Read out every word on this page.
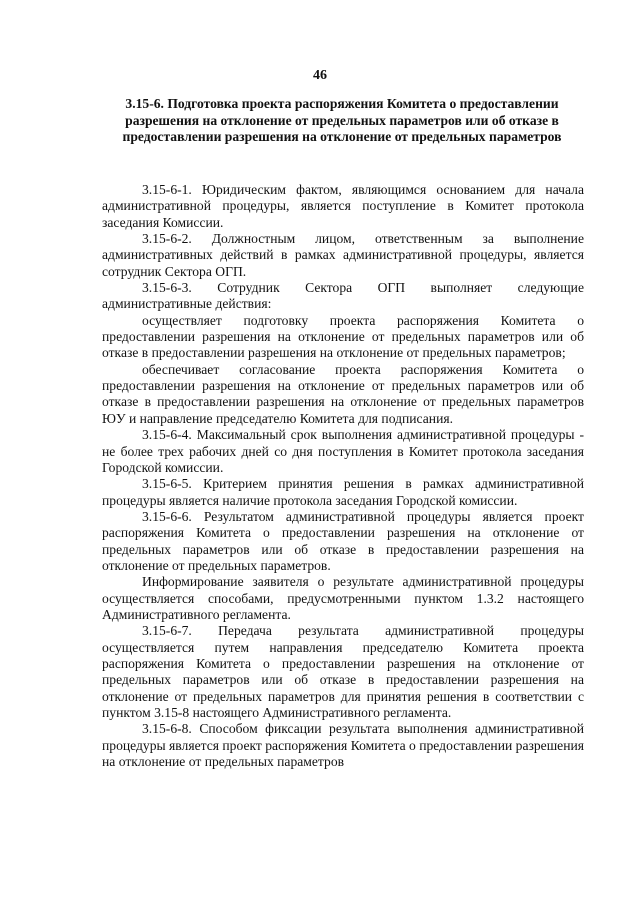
46
3.15-6. Подготовка проекта распоряжения Комитета о предоставлении разрешения на отклонение от предельных параметров или об отказе в предоставлении разрешения на отклонение от предельных параметров

3.15-6-1. Юридическим фактом, являющимся основанием для начала административной процедуры, является поступление в Комитет протокола заседания Комиссии.

3.15-6-2. Должностным лицом, ответственным за выполнение административных действий в рамках административной процедуры, является сотрудник Сектора ОГП.

3.15-6-3. Сотрудник Сектора ОГП выполняет следующие административные действия:

осуществляет подготовку проекта распоряжения Комитета о предоставлении разрешения на отклонение от предельных параметров или об отказе в предоставлении разрешения на отклонение от предельных параметров;

обеспечивает согласование проекта распоряжения Комитета о предоставлении разрешения на отклонение от предельных параметров или об отказе в предоставлении разрешения на отклонение от предельных параметров ЮУ и направление председателю Комитета для подписания.

3.15-6-4. Максимальный срок выполнения административной процедуры - не более трех рабочих дней со дня поступления в Комитет протокола заседания Городской комиссии.

3.15-6-5. Критерием принятия решения в рамках административной процедуры является наличие протокола заседания Городской комиссии.

3.15-6-6. Результатом административной процедуры является проект распоряжения Комитета о предоставлении разрешения на отклонение от предельных параметров или об отказе в предоставлении разрешения на отклонение от предельных параметров.

Информирование заявителя о результате административной процедуры осуществляется способами, предусмотренными пунктом 1.3.2 настоящего Административного регламента.

3.15-6-7. Передача результата административной процедуры осуществляется путем направления председателю Комитета проекта распоряжения Комитета о предоставлении разрешения на отклонение от предельных параметров или об отказе в предоставлении разрешения на отклонение от предельных параметров для принятия решения в соответствии с пунктом 3.15-8 настоящего Административного регламента.

3.15-6-8. Способом фиксации результата выполнения административной процедуры является проект распоряжения Комитета о предоставлении разрешения на отклонение от предельных параметров
